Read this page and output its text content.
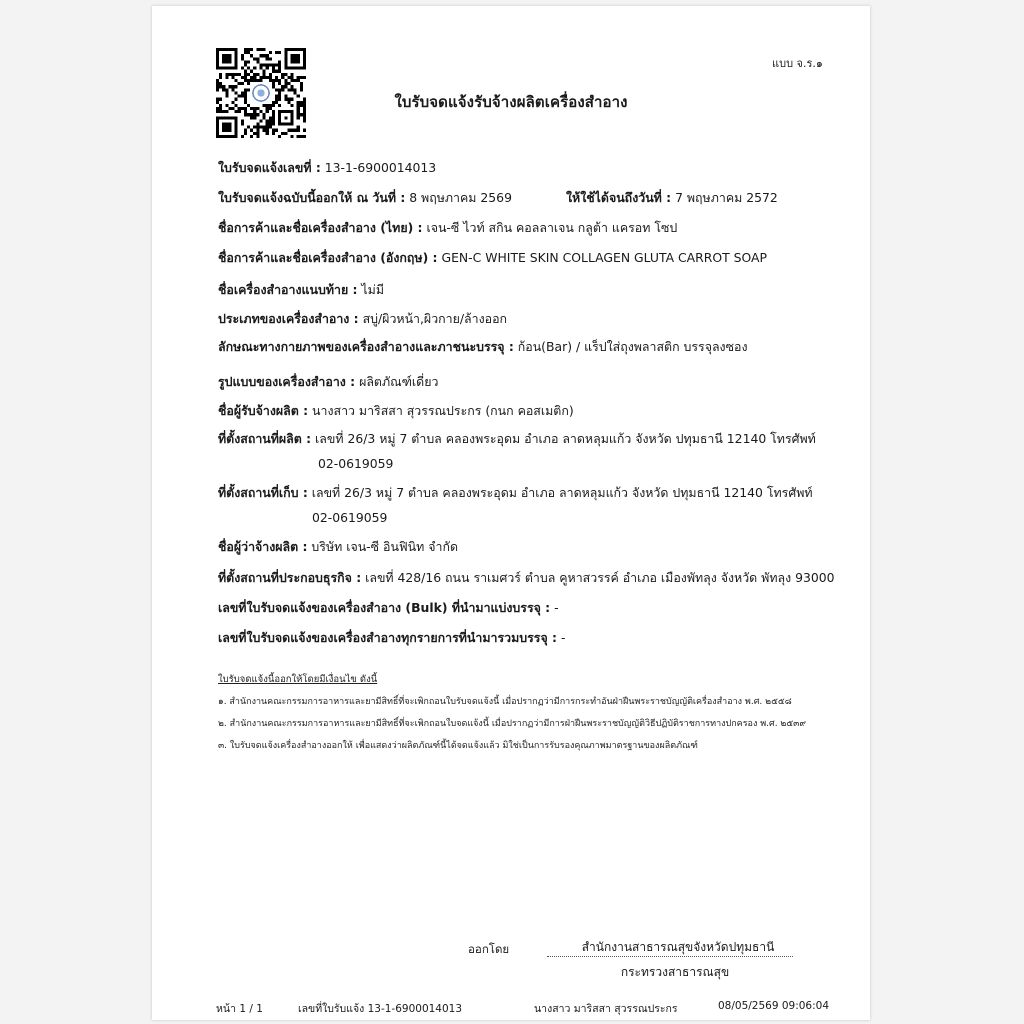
แบบ จ.ร.๑
ใบรับจดแจ้งรับจ้างผลิตเครื่องสำอาง
ใบรับจดแจ้งเลขที่ : 13-1-6900014013
ใบรับจดแจ้งฉบับนี้ออกให้ ณ วันที่ : 8 พฤษภาคม 2569	ให้ใช้ได้จนถึงวันที่ : 7 พฤษภาคม 2572
ชื่อการค้าและชื่อเครื่องสำอาง (ไทย) : เจน-ซี ไวท์ สกิน คอลลาเจน กลูต้า แครอท โซป
ชื่อการค้าและชื่อเครื่องสำอาง (อังกฤษ) : GEN-C WHITE SKIN COLLAGEN GLUTA CARROT SOAP
ชื่อเครื่องสำอางแนบท้าย : ไม่มี
ประเภทของเครื่องสำอาง : สบู่/ผิวหน้า,ผิวกาย/ล้างออก
ลักษณะทางกายภาพของเครื่องสำอางและภาชนะบรรจุ : ก้อน(Bar) / แร็ปใส่ถุงพลาสติก บรรจุลงซอง
รูปแบบของเครื่องสำอาง : ผลิตภัณฑ์เดี่ยว
ชื่อผู้รับจ้างผลิต : นางสาว มาริสสา สุวรรณประกร (กนก คอสเมติก)
ที่ตั้งสถานที่ผลิต : เลขที่ 26/3 หมู่ 7 ตำบล คลองพระอุดม อำเภอ ลาดหลุมแก้ว จังหวัด ปทุมธานี 12140 โทรศัพท์
02-0619059
ที่ตั้งสถานที่เก็บ : เลขที่ 26/3 หมู่ 7 ตำบล คลองพระอุดม อำเภอ ลาดหลุมแก้ว จังหวัด ปทุมธานี 12140 โทรศัพท์
02-0619059
ชื่อผู้ว่าจ้างผลิต : บริษัท เจน-ซี อินฟินิท จำกัด
ที่ตั้งสถานที่ประกอบธุรกิจ : เลขที่ 428/16 ถนน ราเมศวร์ ตำบล คูหาสวรรค์ อำเภอ เมืองพัทลุง จังหวัด พัทลุง 93000
เลขที่ใบรับจดแจ้งของเครื่องสำอาง (Bulk) ที่นำมาแบ่งบรรจุ : -
เลขที่ใบรับจดแจ้งของเครื่องสำอางทุกรายการที่นำมารวมบรรจุ : -
ใบรับจดแจ้งนี้ออกให้โดยมีเงื่อนไข ดังนี้
๑. สำนักงานคณะกรรมการอาหารและยามีสิทธิ์ที่จะเพิกถอนใบรับจดแจ้งนี้ เมื่อปรากฏว่ามีการกระทำอันฝ่าฝืนพระราชบัญญัติเครื่องสำอาง พ.ศ. ๒๕๕๘
๒. สำนักงานคณะกรรมการอาหารและยามีสิทธิ์ที่จะเพิกถอนใบจดแจ้งนี้ เมื่อปรากฏว่ามีการฝ่าฝืนพระราชบัญญัติวิธีปฏิบัติราชการทางปกครอง พ.ศ. ๒๕๓๙
๓. ใบรับจดแจ้งเครื่องสำอางออกให้ เพื่อแสดงว่าผลิตภัณฑ์นี้ได้จดแจ้งแล้ว มิใช่เป็นการรับรองคุณภาพมาตรฐานของผลิตภัณฑ์
ออกโดย	สำนักงานสาธารณสุขจังหวัดปทุมธานี
กระทรวงสาธารณสุข
หน้า 1 / 1	เลขที่ใบรับแจ้ง 13-1-6900014013	นางสาว มาริสสา สุวรรณประกร	08/05/2569 09:06:04
